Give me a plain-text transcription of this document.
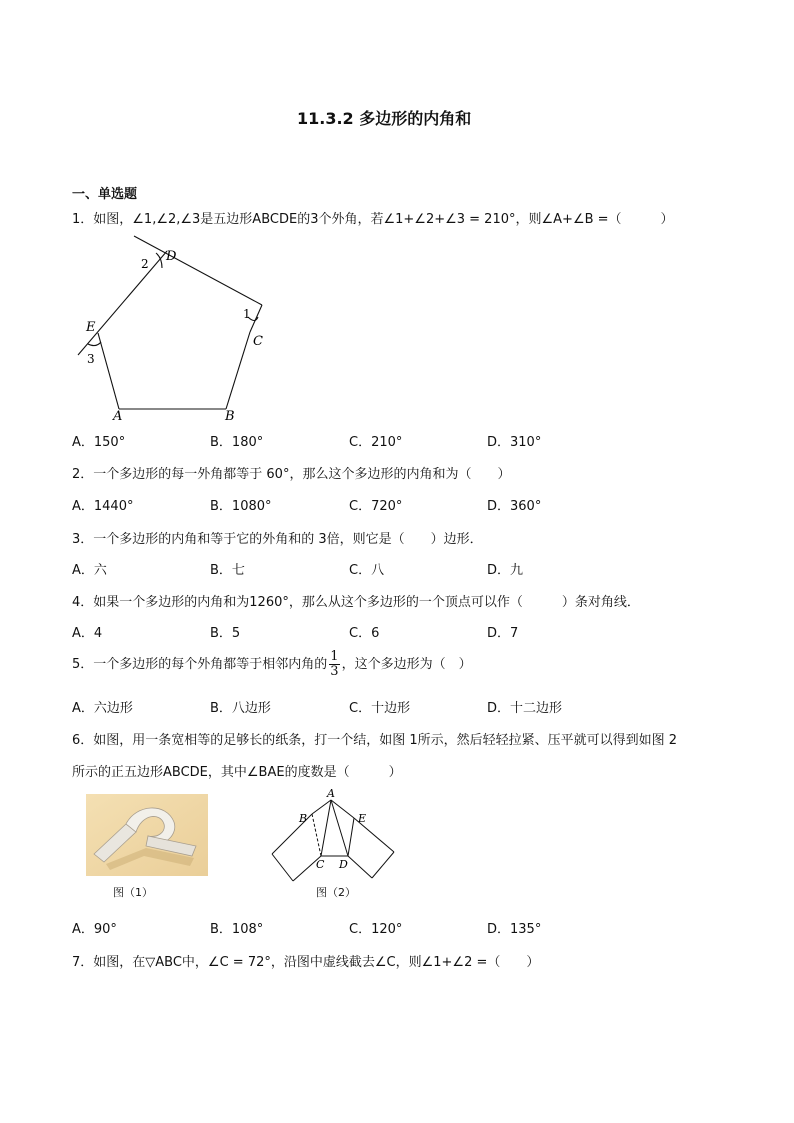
11.3.2 多边形的内角和
一、单选题
1．如图，∠1,∠2,∠3是五边形ABCDE的3个外角，若∠1+∠2+∠3 = 210°，则∠A+∠B =（　　　）
D
2
1
C
E
3
A	B
A．150°	B．180°	C．210°	D．310°
2．一个多边形的每一外角都等于 60°，那么这个多边形的内角和为（　　）
A．1440°	B．1080°	C．720°	D．360°
3．一个多边形的内角和等于它的外角和的 3倍，则它是（　　）边形．
A．六	B．七	C．八	D．九
4．如果一个多边形的内角和为1260°，那么从这个多边形的一个顶点可以作（　　　）条对角线．
A．4	B．5	C．6	D．7
5．一个多边形的每个外角都等于相邻内角的 $\frac{1}{3}$ ，这个多边形为（　）
A．六边形	B．八边形	C．十边形	D．十二边形
6．如图，用一条宽相等的足够长的纸条，打一个结，如图 1所示，然后轻轻拉紧、压平就可以得到如图 2
所示的正五边形ABCDE，其中∠BAE的度数是（　　　）
图（1）
A
B	E
C D
图（2）
A．90°	B．108°	C．120°	D．135°
7．如图，在▽ABC中，∠C = 72°，沿图中虚线截去∠C，则∠1+∠2 =（　　）
